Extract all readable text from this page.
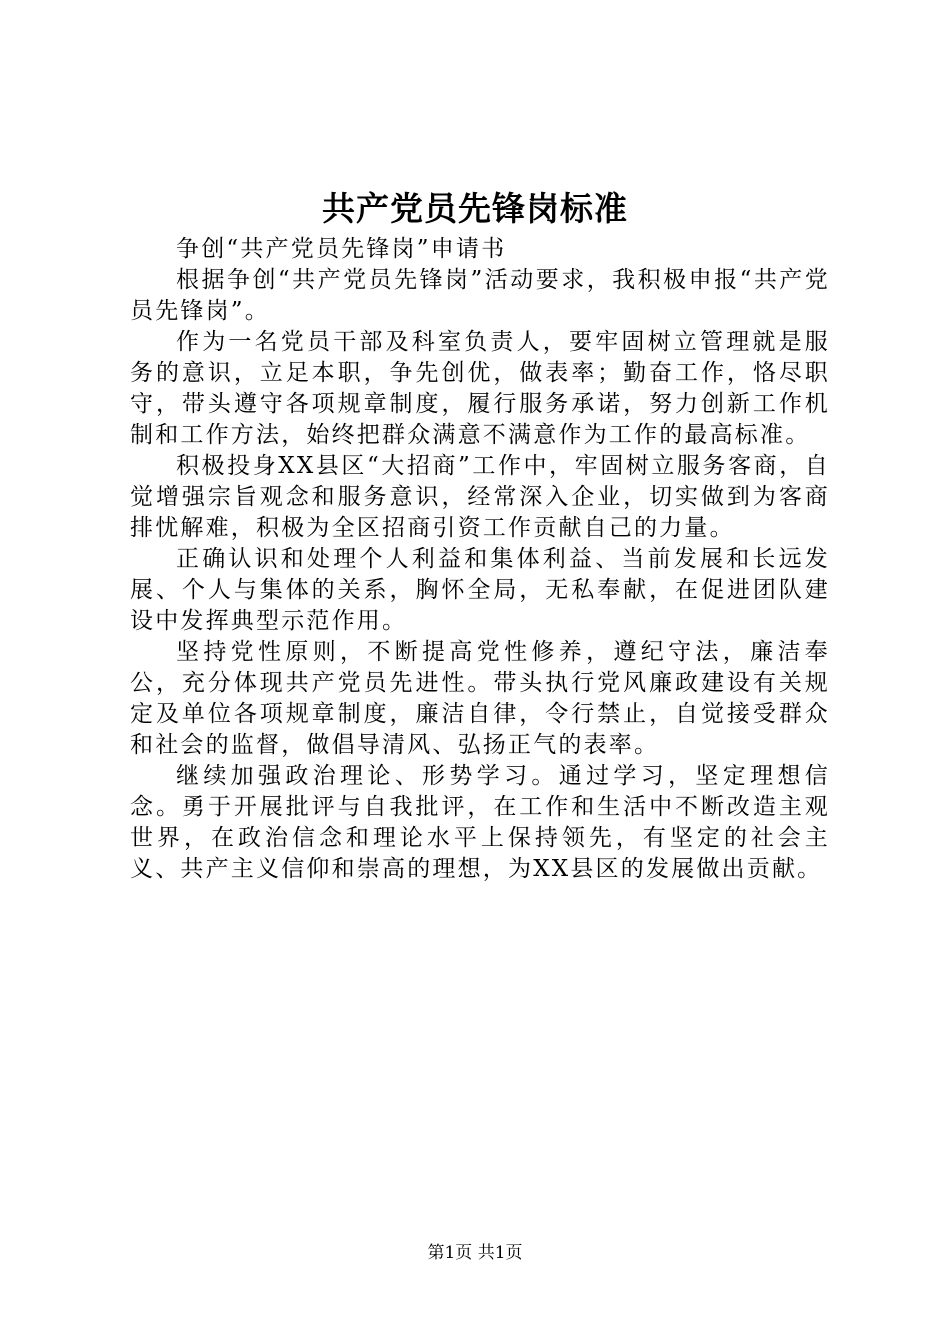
共产党员先锋岗标准

争创“共产党员先锋岗”申请书

根据争创“共产党员先锋岗”活动要求，我积极申报“共产党员先锋岗”。

作为一名党员干部及科室负责人，要牢固树立管理就是服务的意识，立足本职，争先创优，做表率；勤奋工作，恪尽职守，带头遵守各项规章制度，履行服务承诺，努力创新工作机制和工作方法，始终把群众满意不满意作为工作的最高标准。

积极投身XX县区“大招商”工作中，牢固树立服务客商，自觉增强宗旨观念和服务意识，经常深入企业，切实做到为客商排忧解难，积极为全区招商引资工作贡献自己的力量。

正确认识和处理个人利益和集体利益、当前发展和长远发展、个人与集体的关系，胸怀全局，无私奉献，在促进团队建设中发挥典型示范作用。

坚持党性原则，不断提高党性修养，遵纪守法，廉洁奉公，充分体现共产党员先进性。带头执行党风廉政建设有关规定及单位各项规章制度，廉洁自律，令行禁止，自觉接受群众和社会的监督，做倡导清风、弘扬正气的表率。

继续加强政治理论、形势学习。通过学习，坚定理想信念。勇于开展批评与自我批评，在工作和生活中不断改造主观世界，在政治信念和理论水平上保持领先，有坚定的社会主义、共产主义信仰和崇高的理想，为XX县区的发展做出贡献。

第1页 共1页
